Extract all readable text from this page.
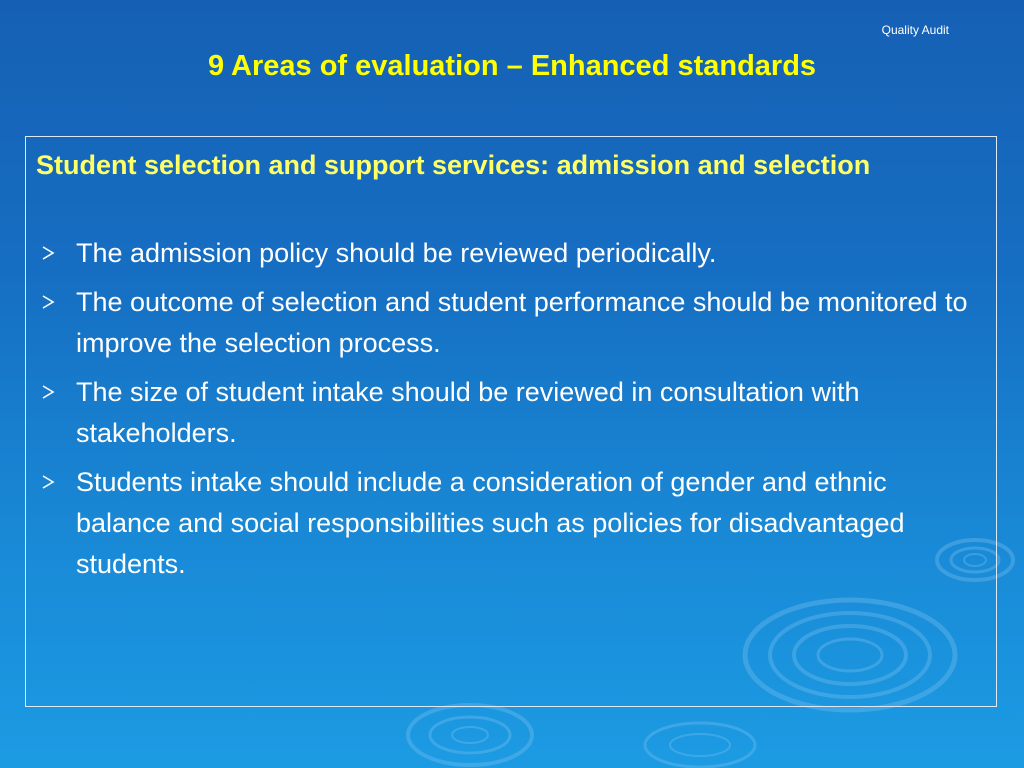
Quality Audit
9 Areas of evaluation – Enhanced standards
Student selection and support services: admission and selection
The admission policy should be reviewed periodically.
The outcome of selection and student performance should be monitored to improve the selection process.
The size of student intake should be reviewed in consultation with stakeholders.
Students intake should include a consideration of gender and ethnic balance and social responsibilities such as policies for disadvantaged students.
